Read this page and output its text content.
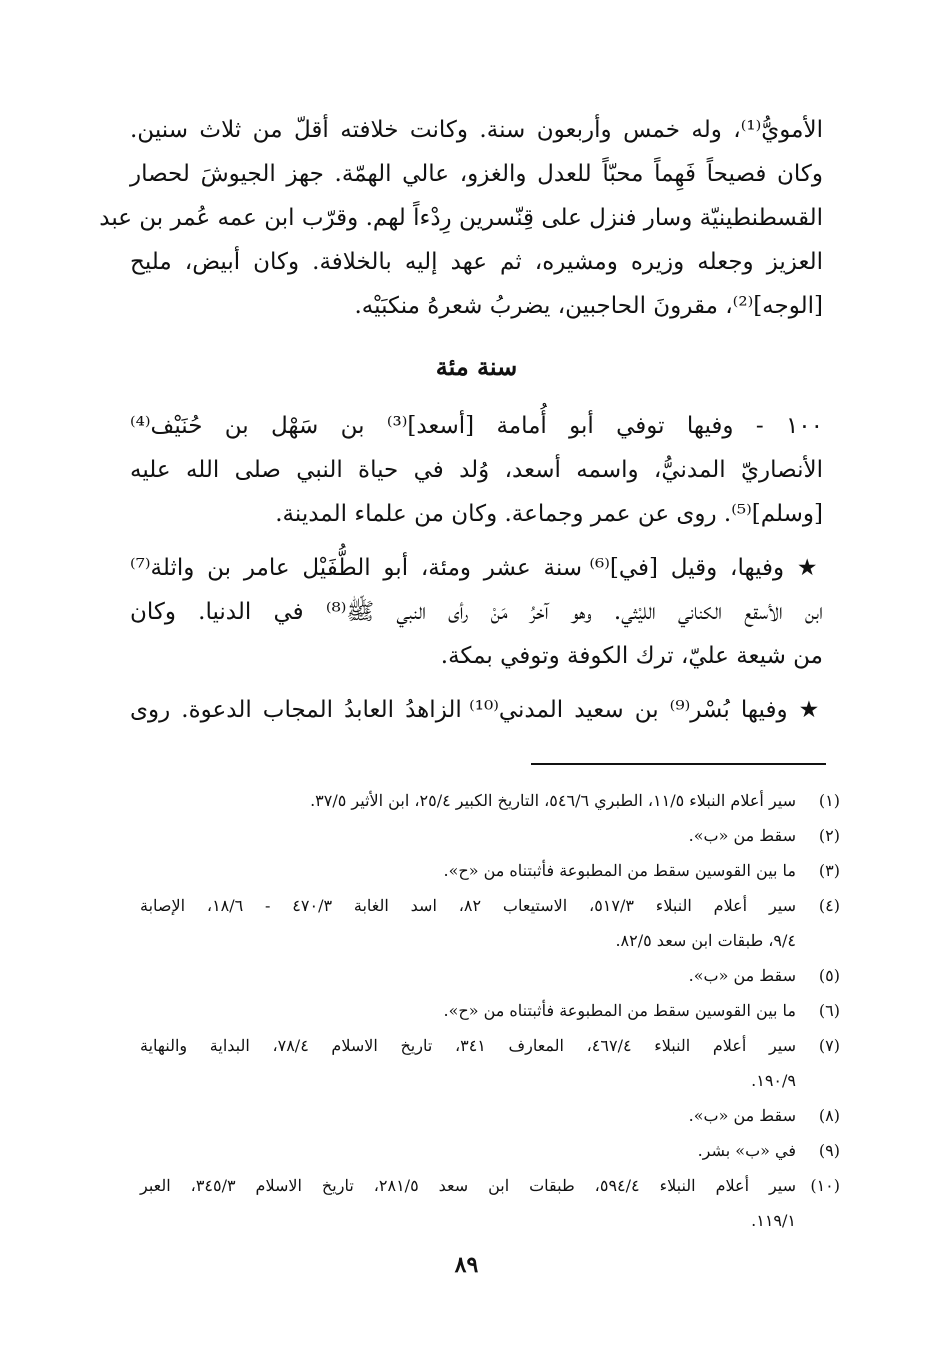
الأمويُّ⁽¹⁾، وله خمس وأربعون سنة. وكانت خلافته أقلّ من ثلاث سنين.
وكان فصيحاً فَهِماً محبّاً للعدل والغزو، عالي الهمّة. جهز الجيوشَ لحصار
القسطنطينيّة وسار فنزل على قِنّسرين رِدْءاً لهم. وقرّب ابن عمه عُمر بن عبد
العزيز وجعله وزيره ومشيره، ثم عهد إليه بالخلافة. وكان أبيض، مليح
[الوجه]⁽²⁾، مقرونَ الحاجبين، يضربُ شعرهُ منكبَيْه.
سنة مئة
١٠٠ - وفيها توفي أبو أُمامة [أسعد]⁽³⁾ بن سَهْل بن حُنَيْف⁽⁴⁾
الأنصاريّ المدنيُّ، واسمه أسعد، وُلد في حياة النبي صلى الله عليه
[وسلم]⁽⁵⁾. روى عن عمر وجماعة. وكان من علماء المدينة.
★ وفيها، وقيل [في]⁽⁶⁾ سنة عشر ومئة، أبو الطُّفَيْل عامر بن واثلة⁽⁷⁾
ابن الأسقع الكناني الليْثي. وهو آخرُ مَنْ رأى النبي ﷺ⁽⁸⁾ في الدنيا. وكان
من شيعة عليّ، ترك الكوفة وتوفي بمكة.
★ وفيها بُسْر⁽⁹⁾ بن سعيد المدني⁽¹⁰⁾ الزاهدُ العابدُ المجاب الدعوة. روى
(١)
سير أعلام النبلاء ١١/٥، الطبري ٥٤٦/٦، التاريخ الكبير ٢٥/٤، ابن الأثير ٣٧/٥.
(٢)
سقط من «ب».
(٣)
ما بين القوسين سقط من المطبوعة فأثبتناه من «ح».
(٤)
سير أعلام النبلاء ٥١٧/٣، الاستيعاب ٨٢، اسد الغابة ٤٧٠/٣ - ١٨/٦، الإصابة
٩/٤، طبقات ابن سعد ٨٢/٥.
(٥)
سقط من «ب».
(٦)
ما بين القوسين سقط من المطبوعة فأثبتناه من «ح».
(٧)
سير أعلام النبلاء ٤٦٧/٤، المعارف ٣٤١، تاريخ الاسلام ٧٨/٤، البداية والنهاية
١٩٠/٩.
(٨)
سقط من «ب».
(٩)
في «ب» بشر.
(١٠)
سير أعلام النبلاء ٥٩٤/٤، طبقات ابن سعد ٢٨١/٥، تاريخ الاسلام ٣٤٥/٣، العبر
١١٩/١.
٨٩
